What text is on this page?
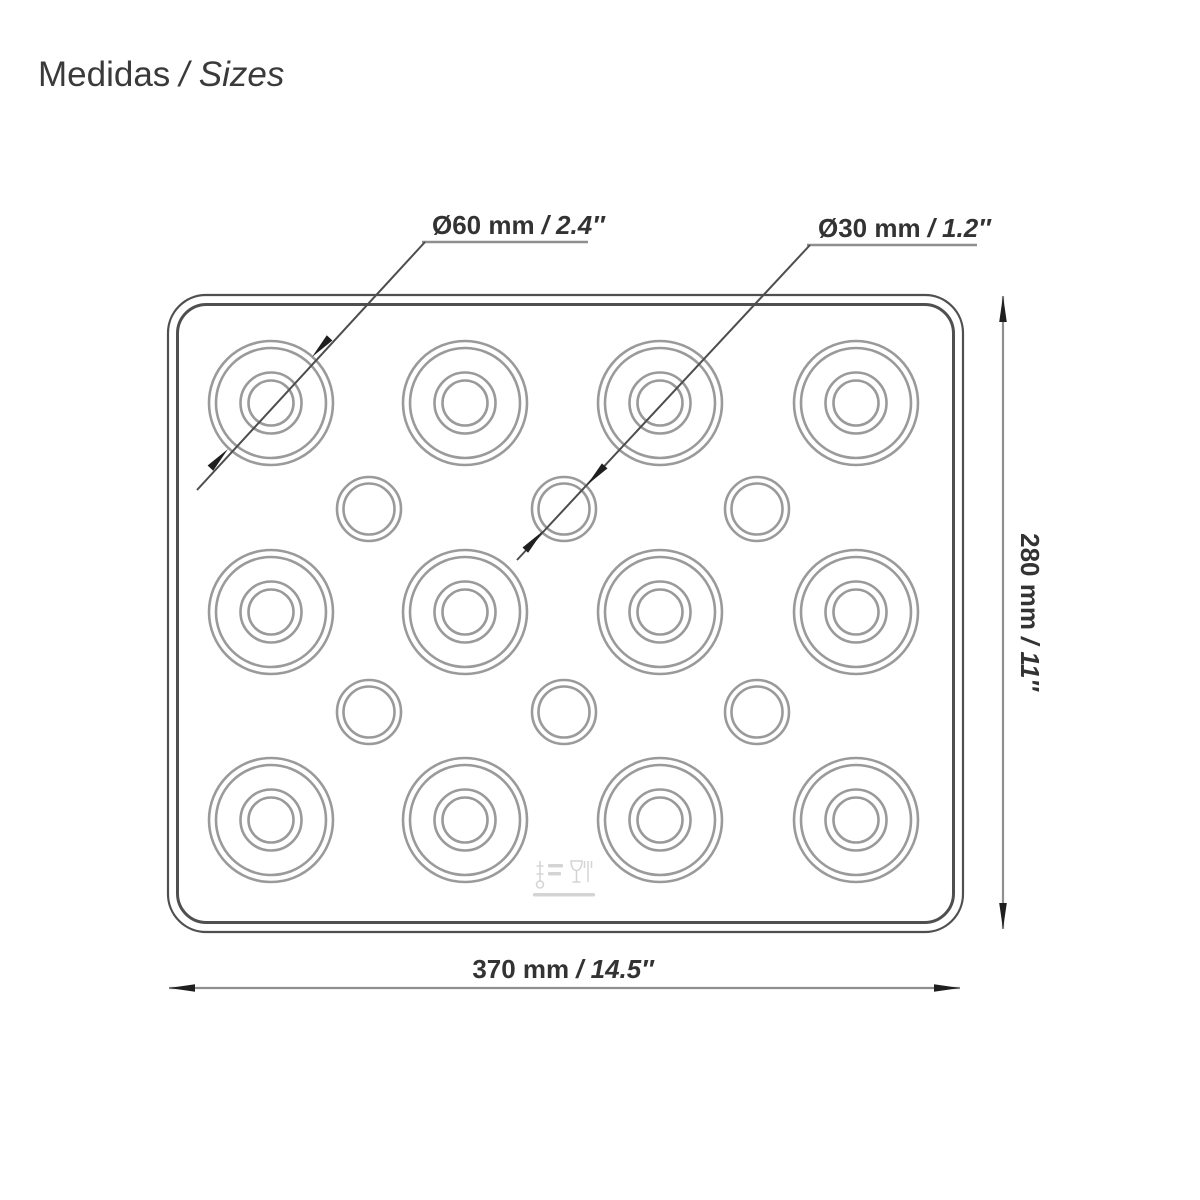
Medidas / Sizes
Ø60 mm / 2.4″	Ø30 mm / 1.2″
370 mm / 14.5″
280 mm/ 11″
